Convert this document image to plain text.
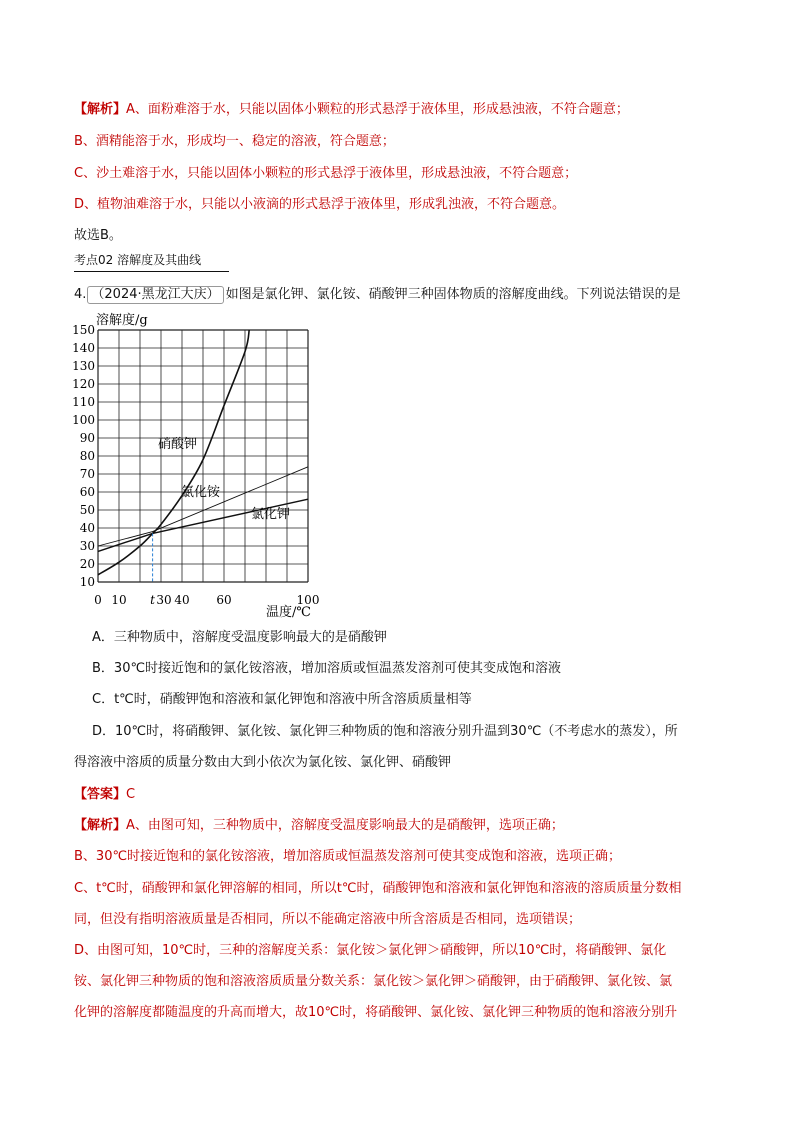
【解析】A、面粉难溶于水，只能以固体小颗粒的形式悬浮于液体里，形成悬浊液，不符合题意；
B、酒精能溶于水，形成均一、稳定的溶液，符合题意；
C、沙土难溶于水，只能以固体小颗粒的形式悬浮于液体里，形成悬浊液，不符合题意；
D、植物油难溶于水，只能以小液滴的形式悬浮于液体里，形成乳浊液，不符合题意。
故选B。
考点02 溶解度及其曲线
4. （2024·黑龙江大庆） 如图是氯化钾、氯化铵、硝酸钾三种固体物质的溶解度曲线。下列说法错误的是
溶解度/g
温度/℃
硝酸钾
氯化铵
氯化钾
10
20
30
40
50
60
70
80
90
100
110
120
130
140
150
0 10 t 30 40 60	100
A．三种物质中，溶解度受温度影响最大的是硝酸钾
B．30℃时接近饱和的氯化铵溶液，增加溶质或恒温蒸发溶剂可使其变成饱和溶液
C．t℃时，硝酸钾饱和溶液和氯化钾饱和溶液中所含溶质质量相等
D．10℃时，将硝酸钾、氯化铵、氯化钾三种物质的饱和溶液分别升温到30℃（不考虑水的蒸发），所
得溶液中溶质的质量分数由大到小依次为氯化铵、氯化钾、硝酸钾
【答案】C
【解析】A、由图可知，三种物质中，溶解度受温度影响最大的是硝酸钾，选项正确；
B、30℃时接近饱和的氯化铵溶液，增加溶质或恒温蒸发溶剂可使其变成饱和溶液，选项正确；
C、t℃时，硝酸钾和氯化钾溶解的相同，所以t℃时，硝酸钾饱和溶液和氯化钾饱和溶液的溶质质量分数相
同，但没有指明溶液质量是否相同，所以不能确定溶液中所含溶质是否相同，选项错误；
D、由图可知，10℃时，三种的溶解度关系：氯化铵＞氯化钾＞硝酸钾，所以10℃时，将硝酸钾、氯化
铵、氯化钾三种物质的饱和溶液溶质质量分数关系：氯化铵＞氯化钾＞硝酸钾，由于硝酸钾、氯化铵、氯
化钾的溶解度都随温度的升高而增大，故10℃时，将硝酸钾、氯化铵、氯化钾三种物质的饱和溶液分别升
